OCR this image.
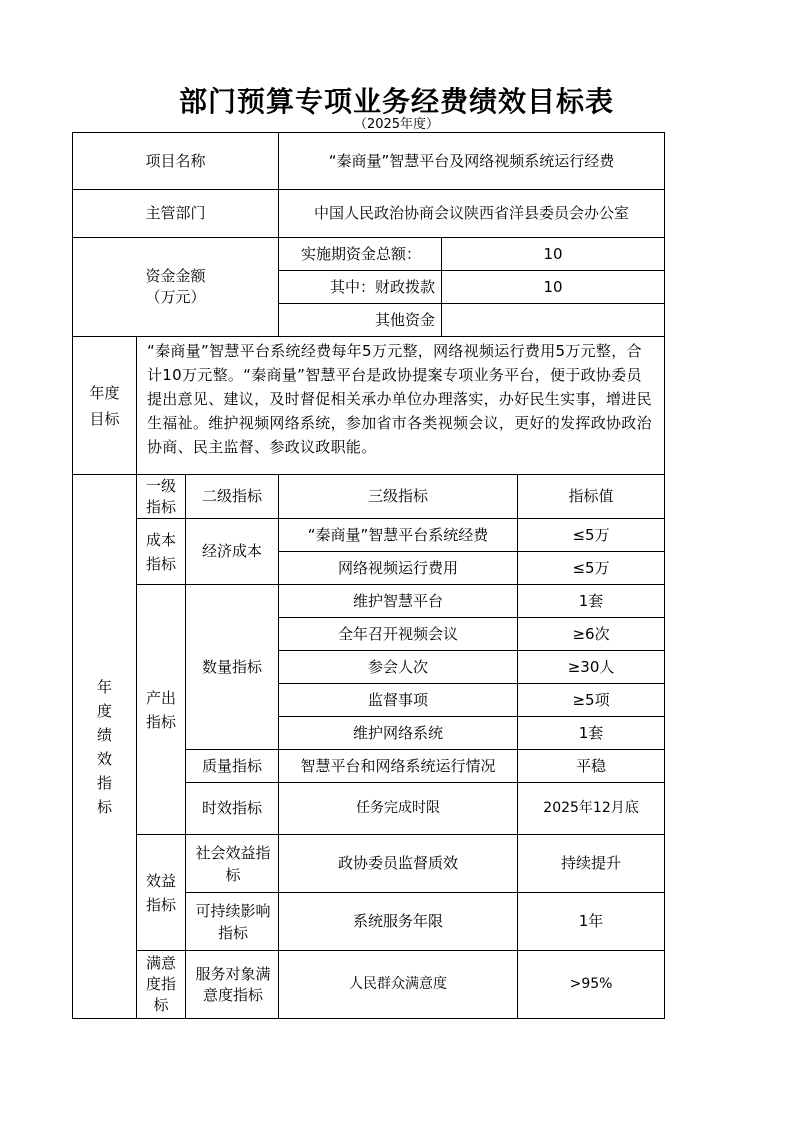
部门预算专项业务经费绩效目标表
（2025年度）
项目名称			“秦商量”智慧平台及网络视频系统运行经费		
主管部门			中国人民政治协商会议陕西省洋县委员会办公室		

资金金额
（万元）			实施期资金总额：	10	
			其中：财政拨款	10	
			其他资金		

年度目标	“秦商量”智慧平台系统经费每年5万元整，网络视频运行费用5万元整，合计10万元整。“秦商量”智慧平台是政协提案专项业务平台，便于政协委员提出意见、建议，及时督促相关承办单位办理落实，办好民生实事，增进民生福祉。维护视频网络系统，参加省市各类视频会议，更好的发挥政协政治协商、民主监督、参政议政职能。				

年度绩效指标	一级指标	二级指标	三级指标		指标值

	成本指标	经济成本	“秦商量”智慧平台系统经费		≤5万
			网络视频运行费用		≤5万

	产出指标	数量指标	维护智慧平台		1套
			全年召开视频会议		≥6次
			参会人次		≥30人
			监督事项		≥5项
			维护网络系统		1套
		质量指标	智慧平台和网络系统运行情况		平稳
		时效指标	任务完成时限		2025年12月底

	效益指标	社会效益指标	政协委员监督质效		持续提升

		可持续影响指标	系统服务年限		1年

	满意度指标	服务对象满意度指标	人民群众满意度		>95%
